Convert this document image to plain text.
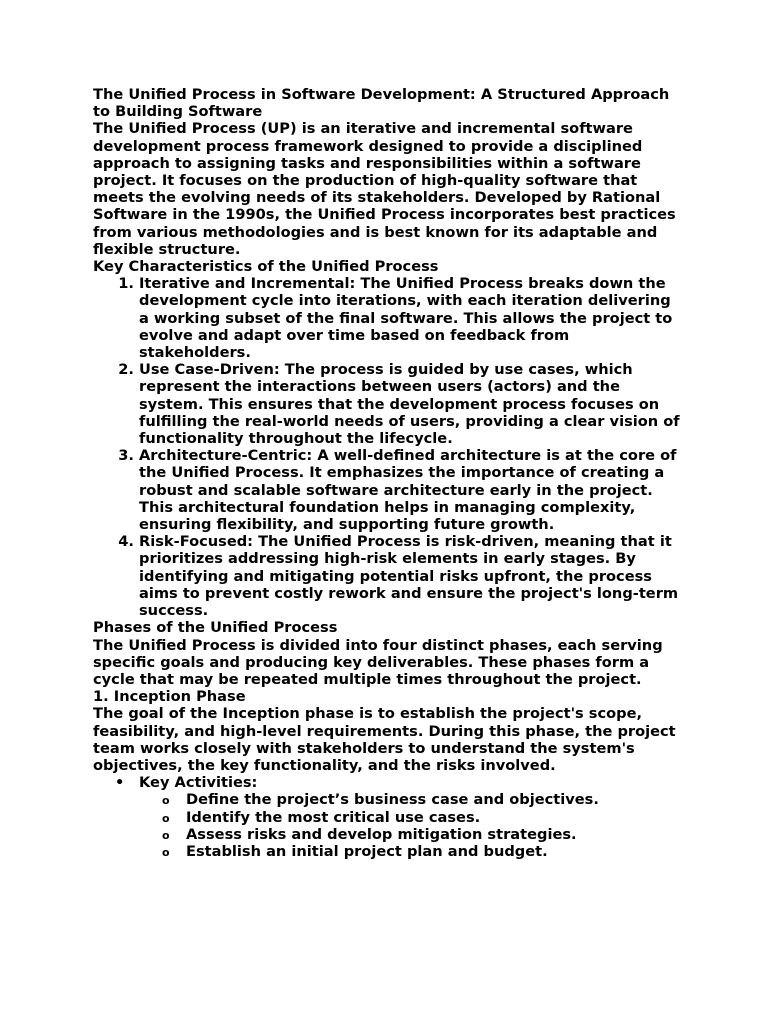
The Unified Process in Software Development: A Structured Approach to Building Software

The Unified Process (UP) is an iterative and incremental software development process framework designed to provide a disciplined approach to assigning tasks and responsibilities within a software project. It focuses on the production of high-quality software that meets the evolving needs of its stakeholders. Developed by Rational Software in the 1990s, the Unified Process incorporates best practices from various methodologies and is best known for its adaptable and flexible structure.

Key Characteristics of the Unified Process

1. Iterative and Incremental: The Unified Process breaks down the development cycle into iterations, with each iteration delivering a working subset of the final software. This allows the project to evolve and adapt over time based on feedback from stakeholders.
2. Use Case-Driven: The process is guided by use cases, which represent the interactions between users (actors) and the system. This ensures that the development process focuses on fulfilling the real-world needs of users, providing a clear vision of functionality throughout the lifecycle.
3. Architecture-Centric: A well-defined architecture is at the core of the Unified Process. It emphasizes the importance of creating a robust and scalable software architecture early in the project. This architectural foundation helps in managing complexity, ensuring flexibility, and supporting future growth.
4. Risk-Focused: The Unified Process is risk-driven, meaning that it prioritizes addressing high-risk elements in early stages. By identifying and mitigating potential risks upfront, the process aims to prevent costly rework and ensure the project's long-term success.

Phases of the Unified Process

The Unified Process is divided into four distinct phases, each serving specific goals and producing key deliverables. These phases form a cycle that may be repeated multiple times throughout the project.

1. Inception Phase

The goal of the Inception phase is to establish the project's scope, feasibility, and high-level requirements. During this phase, the project team works closely with stakeholders to understand the system's objectives, the key functionality, and the risks involved.

• Key Activities:
o Define the project’s business case and objectives.
o Identify the most critical use cases.
o Assess risks and develop mitigation strategies.
o Establish an initial project plan and budget.
